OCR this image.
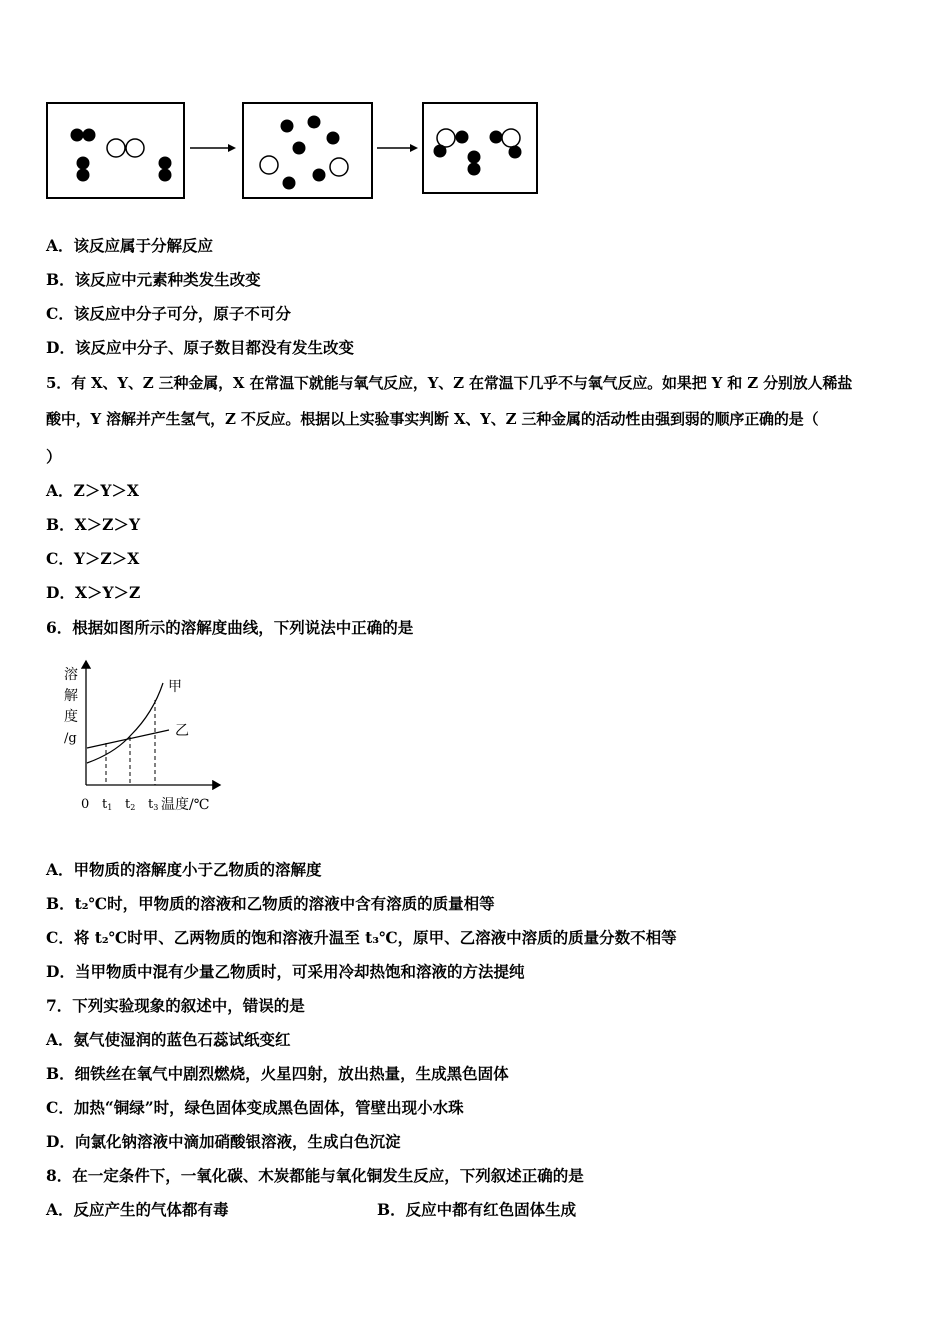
A．该反应属于分解反应
B．该反应中元素种类发生改变
C．该反应中分子可分，原子不可分
D．该反应中分子、原子数目都没有发生改变
5．有 X、Y、Z 三种金属，X 在常温下就能与氧气反应，Y、Z 在常温下几乎不与氧气反应。如果把 Y 和 Z 分别放人稀盐
酸中，Y 溶解并产生氢气，Z 不反应。根据以上实验事实判断 X、Y、Z 三种金属的活动性由强到弱的顺序正确的是（
）
A．Z＞Y＞X
B．X＞Z＞Y
C．Y＞Z＞X
D．X＞Y＞Z
6．根据如图所示的溶解度曲线，下列说法中正确的是
溶
解
度
/g
甲
乙
0 t1 t2 t3 温度/℃
A．甲物质的溶解度小于乙物质的溶解度
B．t₂℃时，甲物质的溶液和乙物质的溶液中含有溶质的质量相等
C．将 t₂℃时甲、乙两物质的饱和溶液升温至 t₃℃，原甲、乙溶液中溶质的质量分数不相等
D．当甲物质中混有少量乙物质时，可采用冷却热饱和溶液的方法提纯
7．下列实验现象的叙述中，错误的是
A．氨气使湿润的蓝色石蕊试纸变红
B．细铁丝在氧气中剧烈燃烧，火星四射，放出热量，生成黑色固体
C．加热“铜绿”时，绿色固体变成黑色固体，管壁出现小水珠
D．向氯化钠溶液中滴加硝酸银溶液，生成白色沉淀
8．在一定条件下，一氧化碳、木炭都能与氧化铜发生反应，下列叙述正确的是
A．反应产生的气体都有毒	B．反应中都有红色固体生成
